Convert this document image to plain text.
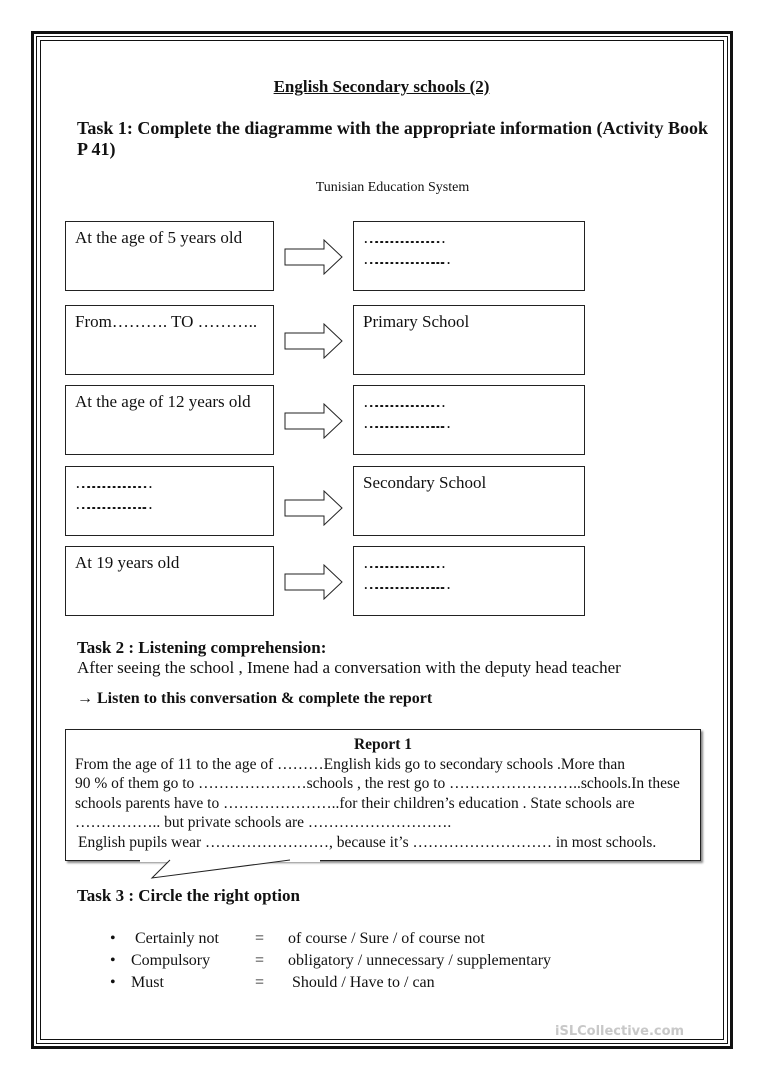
English Secondary schools (2)
Task 1: Complete the diagramme with the appropriate information (Activity Book P 41)
Tunisian Education System
At the age of 5 years old	……………………………………
………………………………………..
From………. TO ………..	Primary School
At the age of 12 years old	……………………………………
………………………………………..
…………………………………
………………………………….
Secondary School
At 19 years old	……………………………………
………………………………………..
Task 2 : Listening comprehension:
After seeing the school , Imene had a conversation with the deputy head teacher
→ Listen to this conversation & complete the report
Report 1
From the age of 11 to the age of ………English kids go to secondary schools .More than
90 % of them go to …………………schools , the rest go to ……………………..schools.In these
schools parents have to …………………..for their children’s education . State schools are
…………….. but private schools are ……………………….
English pupils wear ……………………, because it’s ……………………… in most schools.
Task 3 : Circle the right option
• Certainly not = of course / Sure / of course not
• Compulsory	= obligatory / unnecessary / supplementary
• Must	= Should / Have to / can
iSLCollective.com
